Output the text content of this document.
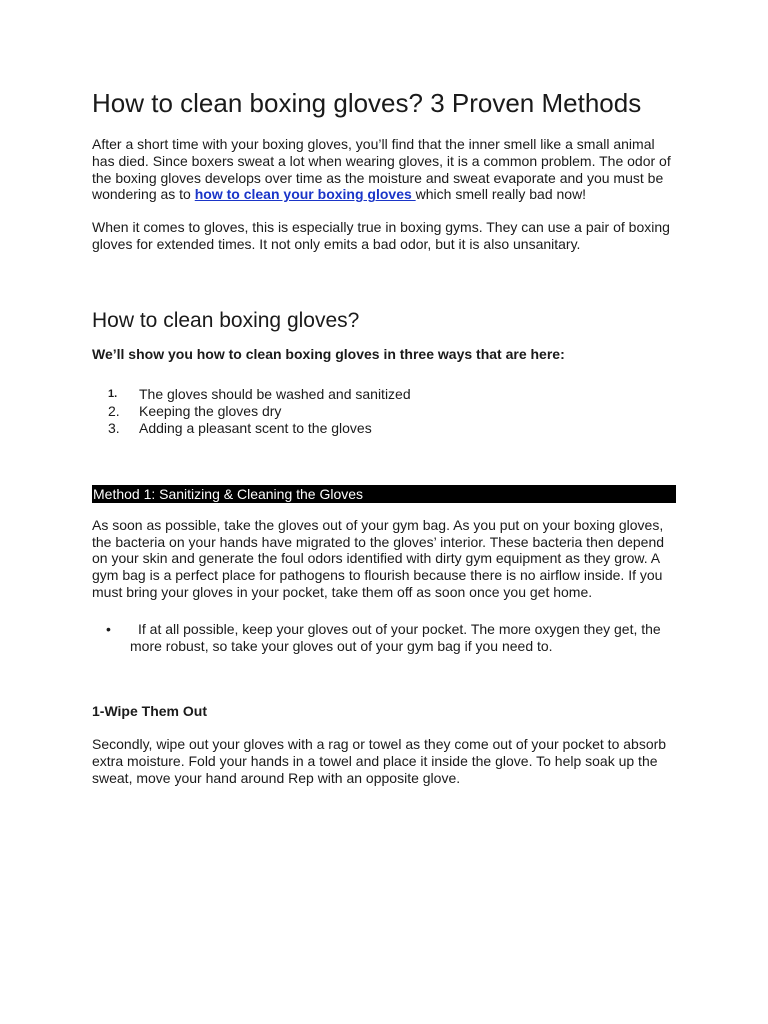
How to clean boxing gloves? 3 Proven Methods

After a short time with your boxing gloves, you’ll find that the inner smell like a small animal has died. Since boxers sweat a lot when wearing gloves, it is a common problem. The odor of the boxing gloves develops over time as the moisture and sweat evaporate and you must be wondering as to how to clean your boxing gloves which smell really bad now!

When it comes to gloves, this is especially true in boxing gyms. They can use a pair of boxing gloves for extended times. It not only emits a bad odor, but it is also unsanitary.

How to clean boxing gloves?

We’ll show you how to clean boxing gloves in three ways that are here:

1.	The gloves should be washed and sanitized
2.	Keeping the gloves dry
3.	Adding a pleasant scent to the gloves
Method 1: Sanitizing & Cleaning the Gloves

As soon as possible, take the gloves out of your gym bag. As you put on your boxing gloves, the bacteria on your hands have migrated to the gloves’ interior. These bacteria then depend on your skin and generate the foul odors identified with dirty gym equipment as they grow. A gym bag is a perfect place for pathogens to flourish because there is no airflow inside. If you must bring your gloves in your pocket, take them off as soon once you get home.

• If at all possible, keep your gloves out of your pocket. The more oxygen they get, the more robust, so take your gloves out of your gym bag if you need to.
1-Wipe Them Out

Secondly, wipe out your gloves with a rag or towel as they come out of your pocket to absorb extra moisture. Fold your hands in a towel and place it inside the glove. To help soak up the sweat, move your hand around Rep with an opposite glove.
